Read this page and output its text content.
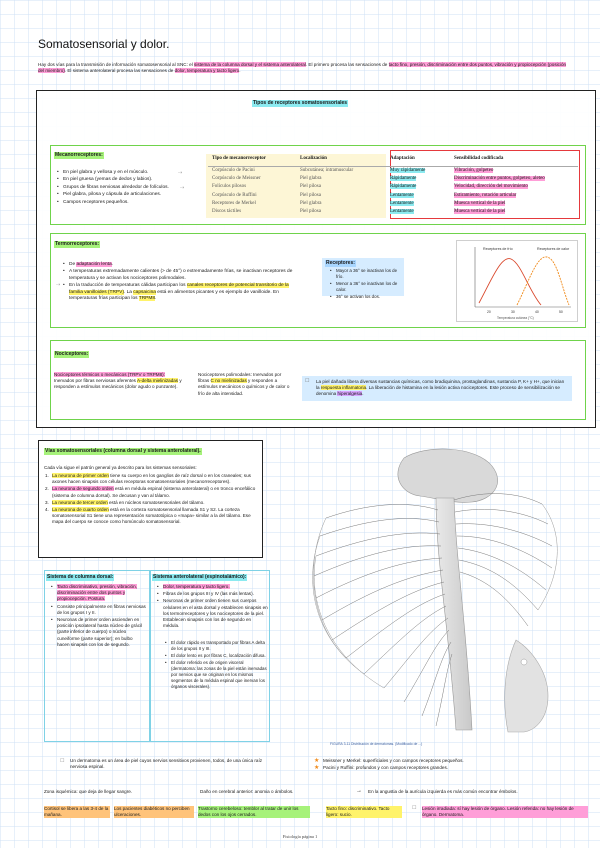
Somatosensorial y dolor.
Hay dos vías para la transmisión de información somatosensorial al SNC: el sistema de la columna dorsal y el sistema anterolateral. El primero procesa las sensaciones de tacto fino, presión, discriminación entre dos puntos, vibración y propiocepción (posición del miembro). El sistema anterolateral procesa las sensaciones de dolor, temperatura y tacto ligero.
Tipos de receptores somatosensoriales
Mecanorreceptores:
• En piel glabra y vellosa y en el músculo.
• En piel gruesa (yemas de dedos y labios).
• Grupos de fibras nerviosas alrededor de folículos.
• Piel glabra, pilosa y cápsula de articulaciones.
• Campos receptores pequeños.
⇢
⇢
Tipo de mecanorreceptor	Localización	Adaptación	Sensibilidad codificada
Corpúsculo de Pacini	Subcutánea; intramuscular	Muy rápidamente	Vibración, golpeteo
Corpúsculo de Meissner	Piel glabra	Rápidamente	Discriminación entre puntos, golpeteo, aleteo
Folículos pilosos	Piel pilosa	Rápidamente	Velocidad, dirección del movimiento
Corpúsculo de Ruffini	Piel pilosa	Lentamente	Estiramiento, rotación articular
Receptores de Merkel	Piel glabra	Lentamente	Muesca vertical de la piel
Discos táctiles	Piel pilosa	Lentamente	Muesca vertical de la piel
Termorreceptores:
• De adaptación lenta.
• A temperaturas extremadamente calientes (> de 45°) o extremadamente frías, se inactivan receptores de temperatura y se activan los nociceptores polimodales.
• En la traducción de temperaturas cálidas participan los canales receptores de potencial transitorio de la familia vanilloides (TRPV). La capsaicina está en alimentos picantes y es ejemplo de vanilloide. En temperaturas frías participan los TRPM8.
⇢
Receptores:
• Mayor a 36° se inactivan los de frío.
• Menor a 36° se inactivan los de calor.
• 36° se activan los dos.
Receptores de frío	Receptores de calor
20	30	40	50
Temperatura cutánea (°C)
Nociceptores:
Nociceptores térmicos o mecánicos (TRPV o TRPM8): Inervados por fibras nerviosas aferentes A-delta mielinizadas y responden a estímulos mecánicos (dolor agudo o punzante).
Nociceptores polimodales: Inervados por fibras C no mielinizadas y responden a estímulos mecánicos o químicos y de calor o frío de alta intensidad.
☐ La piel dañada libera diversas sustancias químicas, como bradiquinina, prostaglandinas, sustancia P, K+ y H+, que inician la respuesta inflamatoria. La liberación de histamina en la lesión activa nociceptores. Este proceso de sensibilización se denomina hiperalgesia.
Vías somatosensoriales (columna dorsal y sistema anterolateral).
Cada vía sigue el patrón general ya descrito para los sistemas sensoriales:
1. La neurona de primer orden tiene su cuerpo en los ganglios de raíz dorsal o en los craneales; sus axones hacen sinapsis con células receptoras somatosensoriales (mecanorreceptores).
2. La neurona de segundo orden está en médula espinal (sistema anterolateral) o en tronco encefálico (sistema de columna dorsal). Se decusan y van al tálamo.
3. La neurona de tercer orden está en núcleos somatosensoriales del tálamo.
4. La neurona de cuarto orden está en la corteza somatosensorial llamada S1 y S2. La corteza somatosensorial S1 tiene una representación somatotópica o «mapa» similar a la del tálamo. Ese mapa del cuerpo se conoce como homúnculo somatosensorial.
Sistema de columna dorsal:
• Tacto discriminativo, presión, vibración, discriminación entre dos puntos y propiocepción. Postura.
• Consiste principalmente en fibras nerviosas de los grupos I y II.
• Neuronas de primer orden ascienden en posición ipsolateral hasta núcleo de grácil (parte inferior de cuerpo) o núcleo cuneiforme (parte superior); en bulbo hacen sinapsis con los de segundo.
Sistema anterolateral (espinotalámico):
• Dolor, temperatura y tacto ligero.
• Fibras de los grupos III y IV (las más lentas).
• Neuronas de primer orden tienen sus cuerpos celulares en el asta dorsal y establecen sinapsis en los termorreceptores y los nociceptores de la piel. Establecen sinapsis con los de segundo en médula.
• El dolor rápido es transportado por fibras A delta de los grupos II y III.
• El dolor lento es por fibras C, localización difusa.
• El dolor referido es de origen visceral (dermatoma: las zonas de la piel están inervadas por nervios que se originan en los mismos segmentos de la médula espinal que inervan los órganos viscerales).
FIGURA 3-11 Distribución de dermatomas. (Modificado de ...)
☐ Un dermatoma es un área de piel cuyos nervios sensitivos provienen, todos, de una única raíz nerviosa espinal.
★ Meissner y Merkel: superficiales y con campos receptores pequeños.
★ Pacini y Ruffini: profundos y con campos receptores grandes.
Zona isquémica: que deja de llegar sangre.	Daño en cerebral anterior: anomia o ámbolos.	→ En la angustia de la aurícula izquierda es más común encontrar émbolos.
Cortisol se libera a las 3-4 de la mañana.
Los pacientes diabéticos no perciben ulceraciones.
Trastorno cerebeloso: temblor al tratar de unir los dedos con los ojos cerrados.
Tacto fino: discriminativo. Tacto ligero: sucio.
☐ Lesión irradiada: sí hay lesión de órgano. Lesión referida: no hay lesión de órgano. Dermatoma.
Fisiología página 1
